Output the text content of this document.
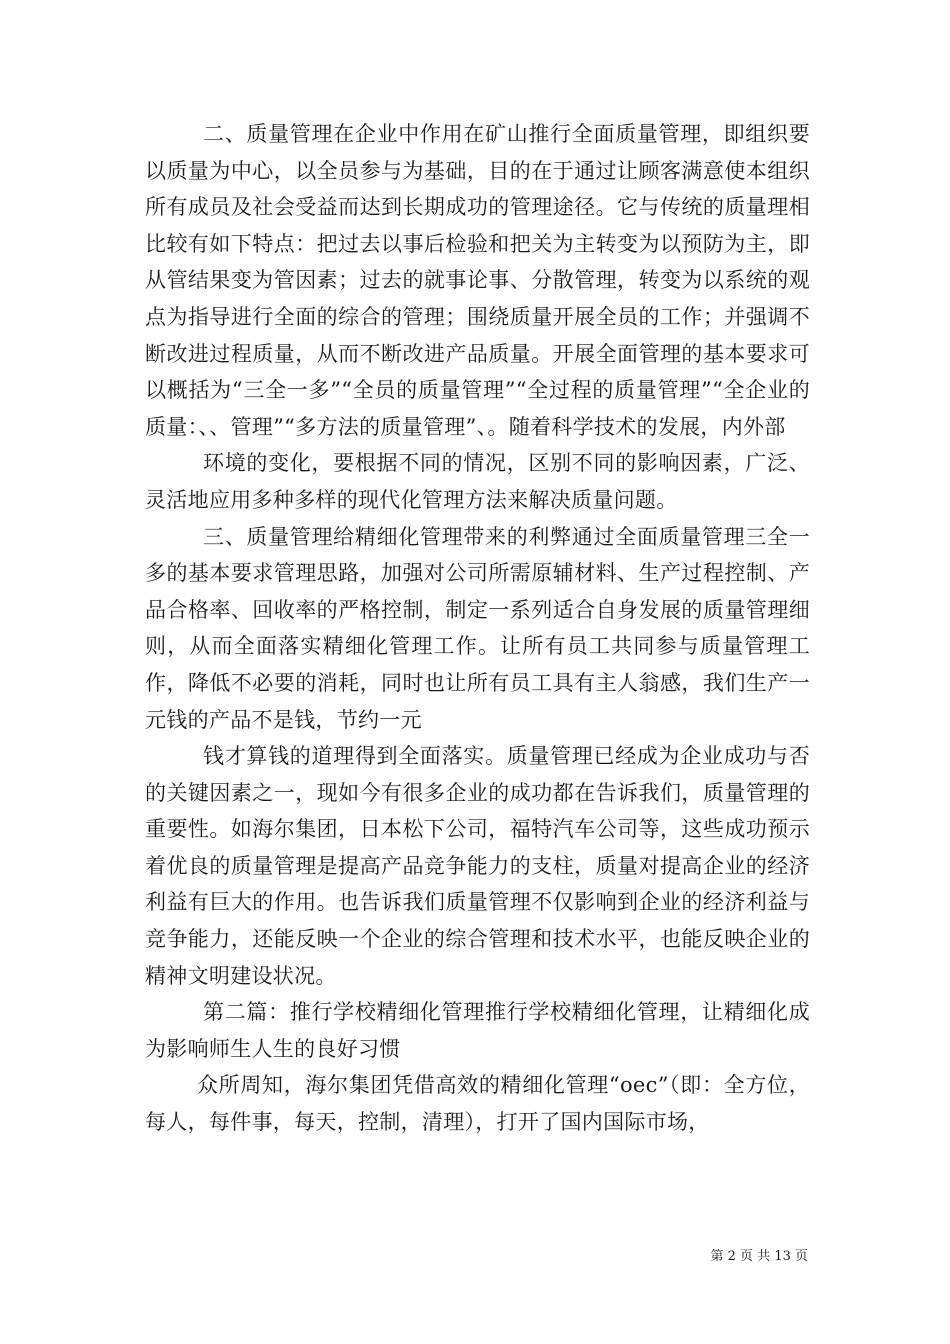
二、质量管理在企业中作用在矿山推行全面质量管理，即组织要以质量为中心，以全员参与为基础，目的在于通过让顾客满意使本组织所有成员及社会受益而达到长期成功的管理途径。它与传统的质量理相比较有如下特点：把过去以事后检验和把关为主转变为以预防为主，即从管结果变为管因素；过去的就事论事、分散管理，转变为以系统的观点为指导进行全面的综合的管理；围绕质量开展全员的工作；并强调不断改进过程质量，从而不断改进产品质量。开展全面管理的基本要求可以概括为“三全一多”“全员的质量管理”“全过程的质量管理”“全企业的质量：、、管理”“多方法的质量管理”、。随着科学技术的发展，内外部

环境的变化，要根据不同的情况，区别不同的影响因素，广泛、灵活地应用多种多样的现代化管理方法来解决质量问题。

三、质量管理给精细化管理带来的利弊通过全面质量管理三全一多的基本要求管理思路，加强对公司所需原辅材料、生产过程控制、产品合格率、回收率的严格控制，制定一系列适合自身发展的质量管理细则，从而全面落实精细化管理工作。让所有员工共同参与质量管理工作，降低不必要的消耗，同时也让所有员工具有主人翁感，我们生产一元钱的产品不是钱，节约一元

钱才算钱的道理得到全面落实。质量管理已经成为企业成功与否的关键因素之一，现如今有很多企业的成功都在告诉我们，质量管理的重要性。如海尔集团，日本松下公司，福特汽车公司等，这些成功预示着优良的质量管理是提高产品竞争能力的支柱，质量对提高企业的经济利益有巨大的作用。也告诉我们质量管理不仅影响到企业的经济利益与竞争能力，还能反映一个企业的综合管理和技术水平，也能反映企业的精神文明建设状况。

第二篇：推行学校精细化管理推行学校精细化管理，让精细化成为影响师生人生的良好习惯

众所周知，海尔集团凭借高效的精细化管理“oec”（即：全方位，每人，每件事，每天，控制，清理），打开了国内国际市场，

第 2 页 共 13 页
